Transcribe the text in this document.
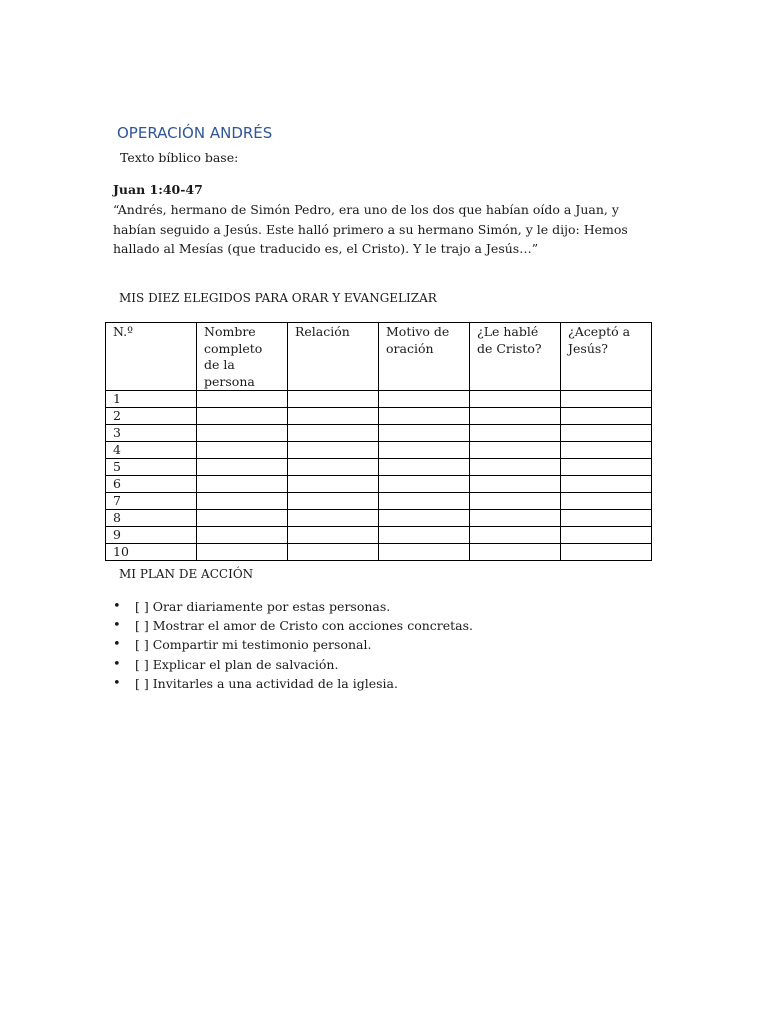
OPERACIÓN ANDRÉS
Texto bíblico base:
Juan 1:40-47
“Andrés, hermano de Simón Pedro, era uno de los dos que habían oído a Juan, y habían seguido a Jesús. Este halló primero a su hermano Simón, y le dijo: Hemos hallado al Mesías (que traducido es, el Cristo). Y le trajo a Jesús…”
MIS DIEZ ELEGIDOS PARA ORAR Y EVANGELIZAR
N.º	Nombre completo de la persona	Relación	Motivo de oración	¿Le hablé de Cristo?	¿Aceptó a Jesús?
1					
2					
3					
4					
5					
6					
7					
8					
9					
10					
MI PLAN DE ACCIÓN
• [ ] Orar diariamente por estas personas.
• [ ] Mostrar el amor de Cristo con acciones concretas.
• [ ] Compartir mi testimonio personal.
• [ ] Explicar el plan de salvación.
• [ ] Invitarles a una actividad de la iglesia.
